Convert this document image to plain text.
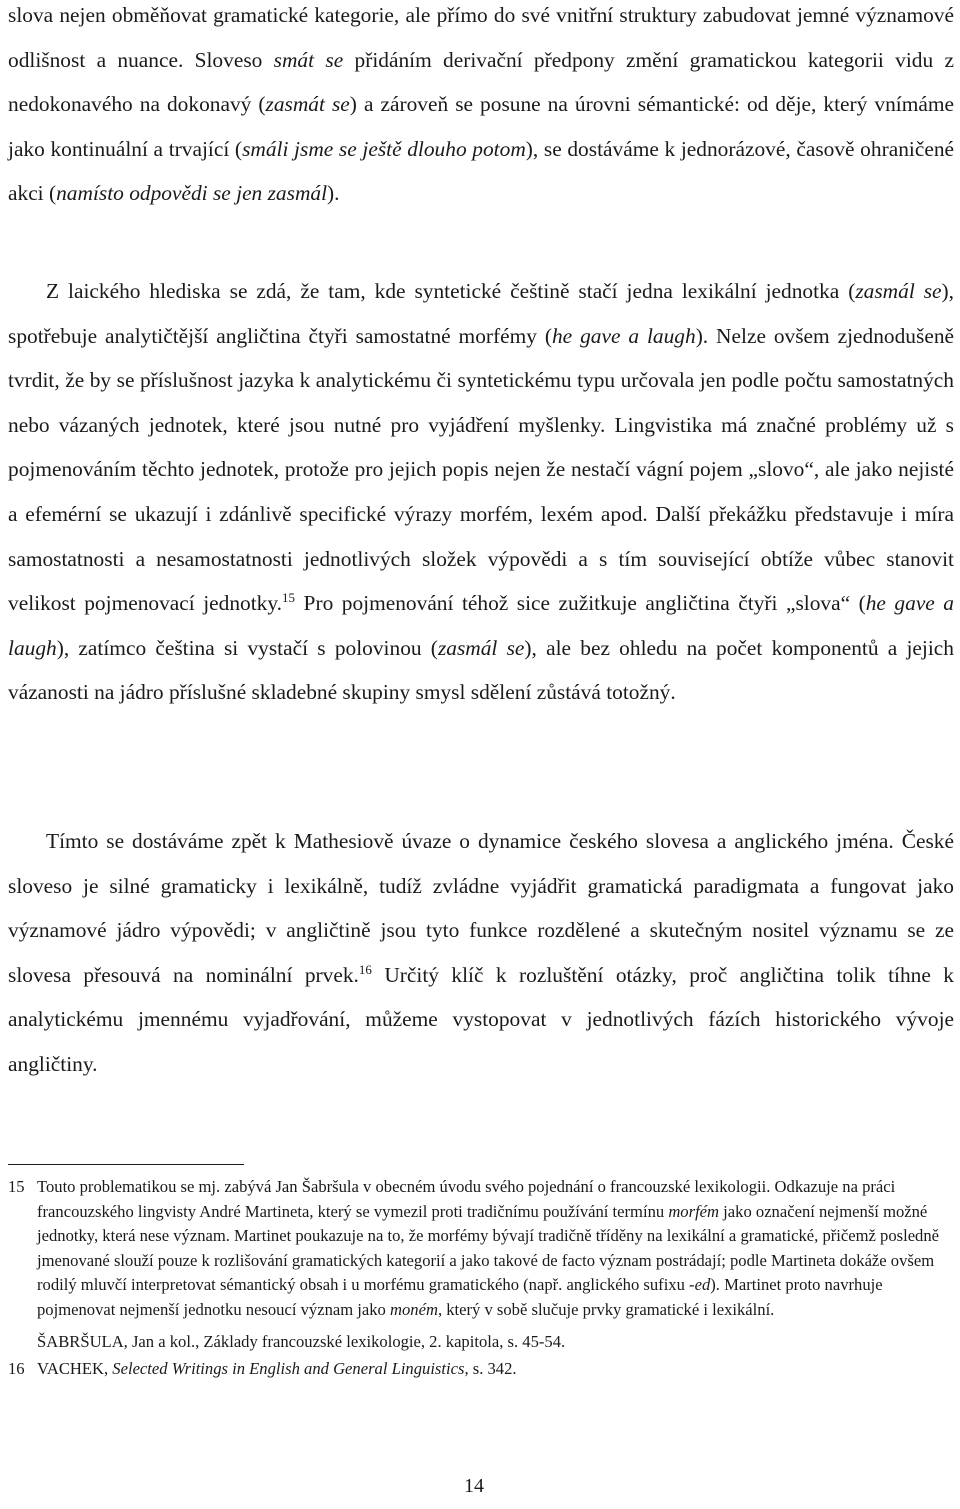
slova nejen obměňovat gramatické kategorie, ale přímo do své vnitřní struktury zabudovat jemné významové odlišnost a nuance. Sloveso smát se přidáním derivační předpony změní gramatickou kategorii vidu z nedokonavého na dokonavý (zasmát se) a zároveň se posune na úrovni sémantické: od děje, který vnímáme jako kontinuální a trvající (smáli jsme se ještě dlouho potom), se dostáváme k jednorázové, časově ohraničené akci (namísto odpovědi se jen zasmál).

Z laického hlediska se zdá, že tam, kde syntetické češtině stačí jedna lexikální jednotka (zasmál se), spotřebuje analytičtější angličtina čtyři samostatné morfémy (he gave a laugh). Nelze ovšem zjednodušeně tvrdit, že by se příslušnost jazyka k analytickému či syntetickému typu určovala jen podle počtu samostatných nebo vázaných jednotek, které jsou nutné pro vyjádření myšlenky. Lingvistika má značné problémy už s pojmenováním těchto jednotek, protože pro jejich popis nejen že nestačí vágní pojem „slovo“, ale jako nejisté a efemérní se ukazují i zdánlivě specifické výrazy morfém, lexém apod. Další překážku představuje i míra samostatnosti a nesamostatnosti jednotlivých složek výpovědi a s tím související obtíže vůbec stanovit velikost pojmenovací jednotky.$^{15}$ Pro pojmenování téhož sice zužitkuje angličtina čtyři „slova“ (he gave a laugh), zatímco čeština si vystačí s polovinou (zasmál se), ale bez ohledu na počet komponentů a jejich vázanosti na jádro příslušné skladebné skupiny smysl sdělení zůstává totožný.

Tímto se dostáváme zpět k Mathesiově úvaze o dynamice českého slovesa a anglického jména. České sloveso je silné gramaticky i lexikálně, tudíž zvládne vyjádřit gramatická paradigmata a fungovat jako významové jádro výpovědi; v angličtině jsou tyto funkce rozdělené a skutečným nositel významu se ze slovesa přesouvá na nominální prvek.$^{16}$ Určitý klíč k rozluštění otázky, proč angličtina tolik tíhne k analytickému jmennému vyjadřování, můžeme vystopovat v jednotlivých fázích historického vývoje angličtiny.

15 Touto problematikou se mj. zabývá Jan Šabršula v obecném úvodu svého pojednání o francouzské lexikologii. Odkazuje na práci francouzského lingvisty André Martineta, který se vymezil proti tradičnímu používání termínu morfém jako označení nejmenší možné jednotky, která nese význam. Martinet poukazuje na to, že morfémy bývají tradičně tříděny na lexikální a gramatické, přičemž posledně jmenované slouží pouze k rozlišování gramatických kategorií a jako takové de facto význam postrádají; podle Martineta dokáže ovšem rodilý mluvčí interpretovat sémantický obsah i u morfému gramatického (např. anglického sufixu -ed). Martinet proto navrhuje pojmenovat nejmenší jednotku nesoucí význam jako moném, který v sobě slučuje prvky gramatické i lexikální.

ŠABRŠULA, Jan a kol., Základy francouzské lexikologie, 2. kapitola, s. 45-54.

16 VACHEK, Selected Writings in English and General Linguistics, s. 342.

14
